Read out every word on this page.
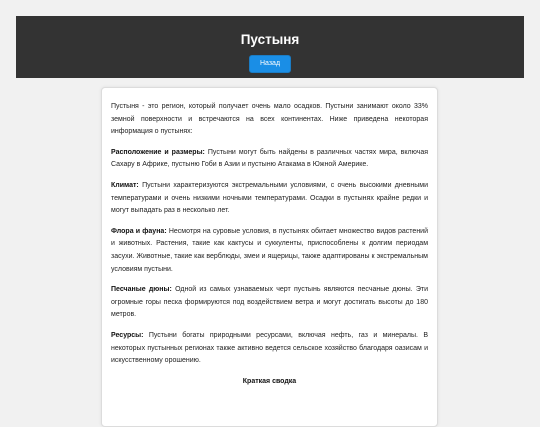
Пустыня
Назад

Пустыня - это регион, который получает очень мало осадков. Пустыни занимают около 33% земной поверхности и встречаются на всех континентах. Ниже приведена некоторая информация о пустынях:

Расположение и размеры: Пустыни могут быть найдены в различных частях мира, включая Сахару в Африке, пустыню Гоби в Азии и пустыню Атакама в Южной Америке.

Климат: Пустыни характеризуются экстремальными условиями, с очень высокими дневными температурами и очень низкими ночными температурами. Осадки в пустынях крайне редки и могут выпадать раз в несколько лет.

Флора и фауна: Несмотря на суровые условия, в пустынях обитает множество видов растений и животных. Растения, такие как кактусы и суккуленты, приспособлены к долгим периодам засухи. Животные, такие как верблюды, змеи и ящерицы, также адаптированы к экстремальным условиям пустыни.

Песчаные дюны: Одной из самых узнаваемых черт пустынь являются песчаные дюны. Эти огромные горы песка формируются под воздействием ветра и могут достигать высоты до 180 метров.

Ресурсы: Пустыни богаты природными ресурсами, включая нефть, газ и минералы. В некоторых пустынных регионах также активно ведется сельское хозяйство благодаря оазисам и искусственному орошению.

Краткая сводка
